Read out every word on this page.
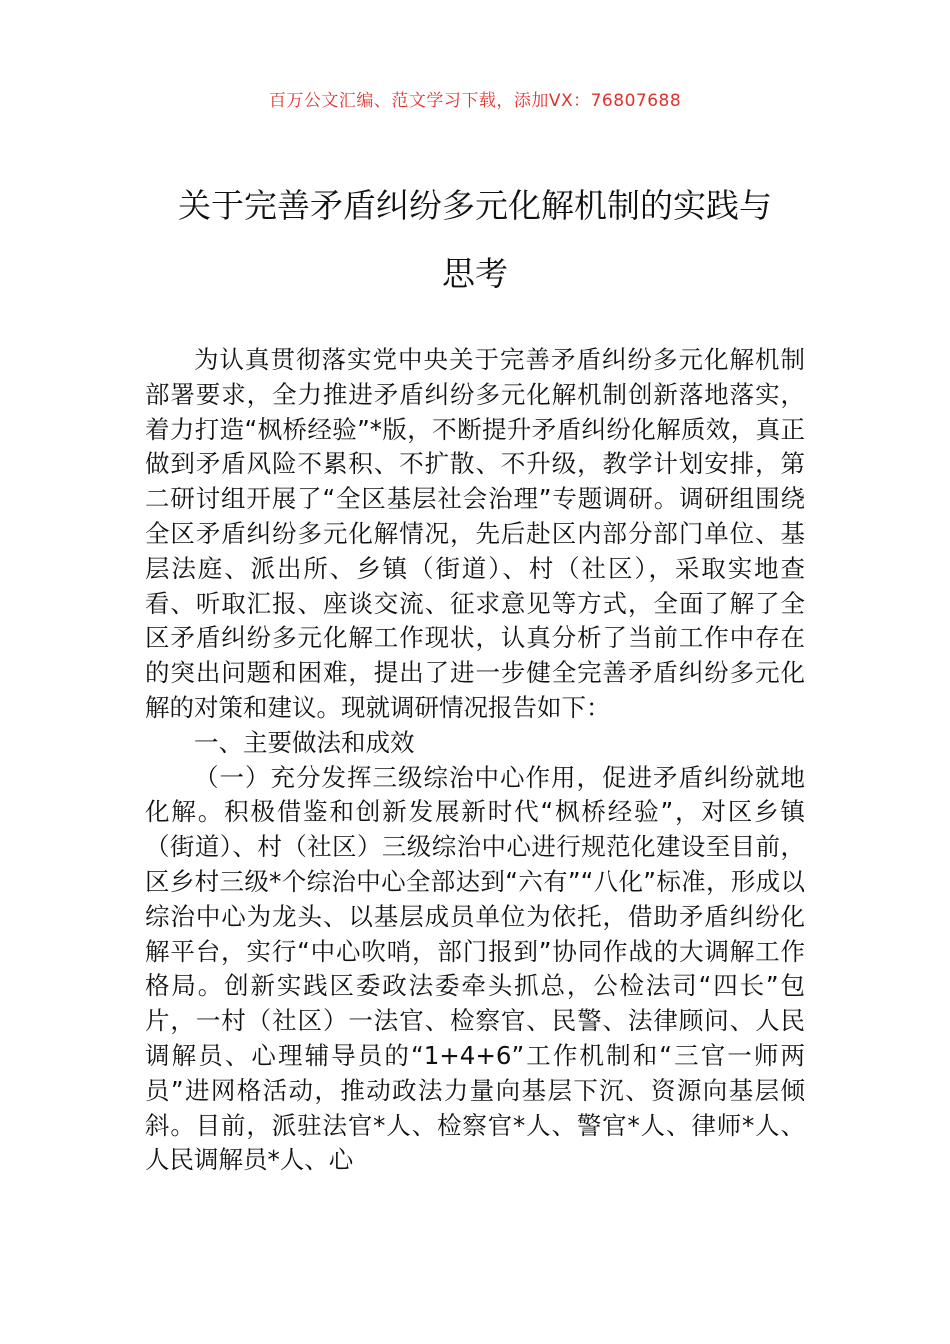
百万公文汇编、范文学习下载，添加VX：76807688
关于完善矛盾纠纷多元化解机制的实践与
思考

为认真贯彻落实党中央关于完善矛盾纠纷多元化解机制部署要求，全力推进矛盾纠纷多元化解机制创新落地落实，着力打造“枫桥经验”*版，不断提升矛盾纠纷化解质效，真正做到矛盾风险不累积、不扩散、不升级，教学计划安排，第二研讨组开展了“全区基层社会治理”专题调研。调研组围绕全区矛盾纠纷多元化解情况，先后赴区内部分部门单位、基层法庭、派出所、乡镇（街道）、村（社区），采取实地查看、听取汇报、座谈交流、征求意见等方式，全面了解了全区矛盾纠纷多元化解工作现状，认真分析了当前工作中存在的突出问题和困难，提出了进一步健全完善矛盾纠纷多元化解的对策和建议。现就调研情况报告如下：

一、主要做法和成效

（一）充分发挥三级综治中心作用，促进矛盾纠纷就地化解。积极借鉴和创新发展新时代“枫桥经验”，对区乡镇（街道）、村（社区）三级综治中心进行规范化建设至目前，区乡村三级*个综治中心全部达到“六有”“八化”标准，形成以综治中心为龙头、以基层成员单位为依托，借助矛盾纠纷化解平台，实行“中心吹哨，部门报到”协同作战的大调解工作格局。创新实践区委政法委牵头抓总，公检法司“四长”包片，一村（社区）一法官、检察官、民警、法律顾问、人民调解员、心理辅导员的“1+4+6”工作机制和“三官一师两员”进网格活动，推动政法力量向基层下沉、资源向基层倾斜。目前，派驻法官*人、检察官*人、警官*人、律师*人、人民调解员*人、心
